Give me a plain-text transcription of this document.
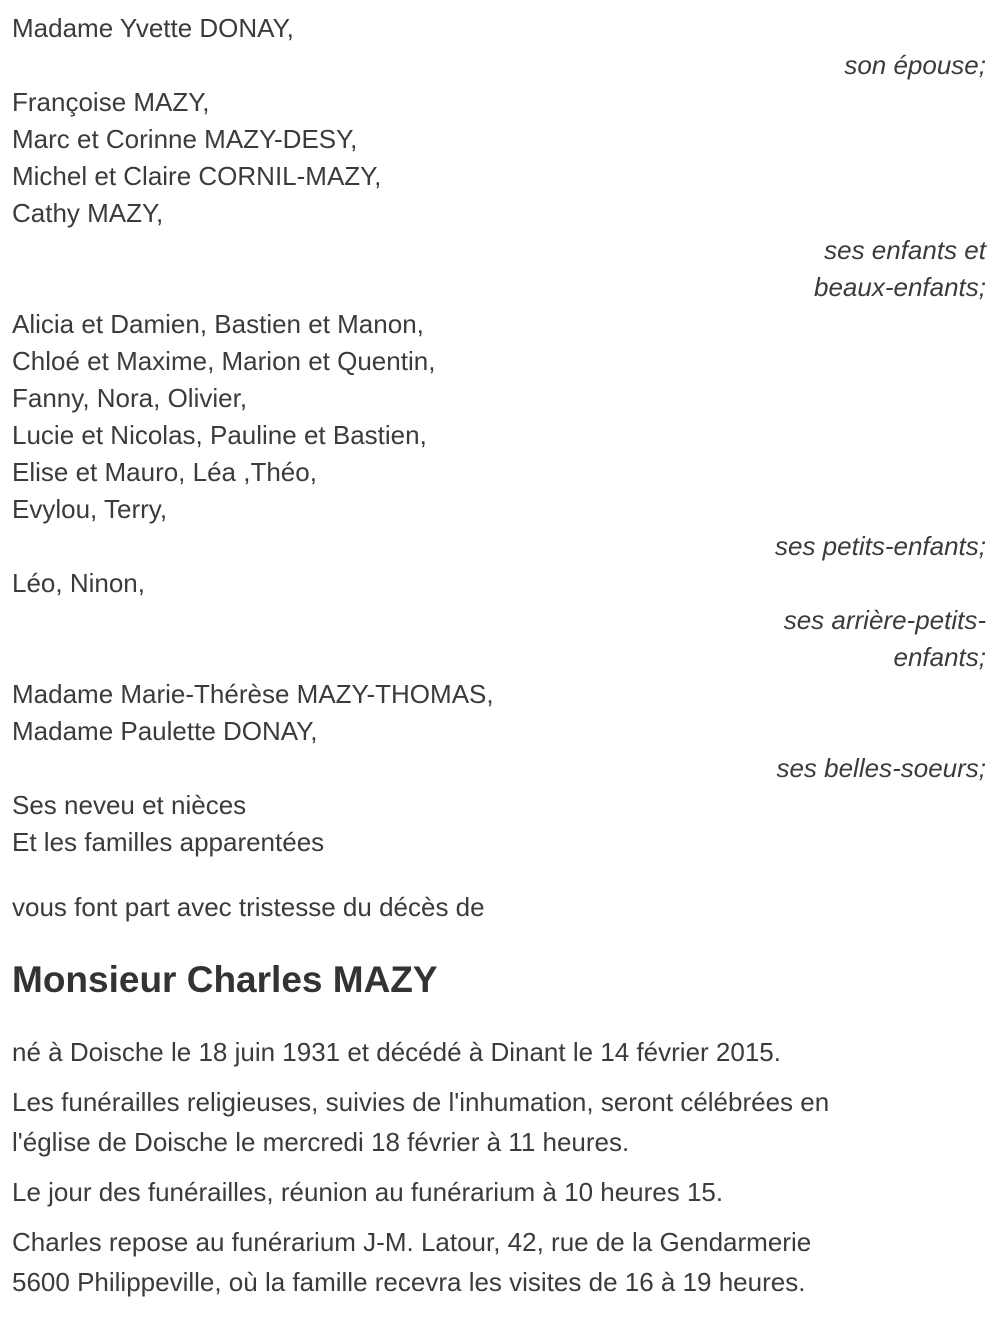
Madame Yvette DONAY,

son épouse;

Françoise MAZY,

Marc et Corinne MAZY-DESY,

Michel et Claire CORNIL-MAZY,

Cathy MAZY,

ses enfants et

beaux-enfants;

Alicia et Damien, Bastien et Manon,

Chloé et Maxime, Marion et Quentin,

Fanny, Nora, Olivier,

Lucie et Nicolas, Pauline et Bastien,

Elise et Mauro, Léa ,Théo,

Evylou, Terry,

ses petits-enfants;

Léo, Ninon,

ses arrière-petits-

enfants;

Madame Marie-Thérèse MAZY-THOMAS,

Madame Paulette DONAY,

ses belles-soeurs;

Ses neveu et nièces

Et les familles apparentées

vous font part avec tristesse du décès de

Monsieur Charles MAZY

né à Doische le 18 juin 1931 et décédé à Dinant le 14 février 2015.

Les funérailles religieuses, suivies de l'inhumation, seront célébrées en

l'église de Doische le mercredi 18 février à 11 heures.

Le jour des funérailles, réunion au funérarium à 10 heures 15.

Charles repose au funérarium J-M. Latour, 42, rue de la Gendarmerie

5600 Philippeville, où la famille recevra les visites de 16 à 19 heures.
